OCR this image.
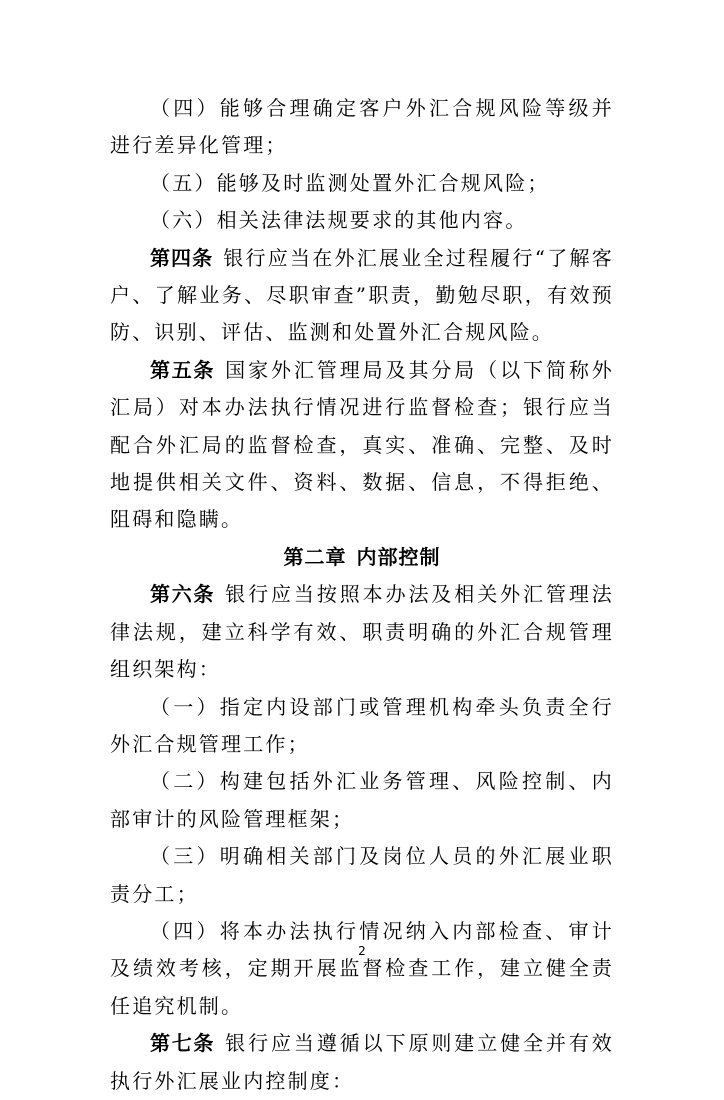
（四）能够合理确定客户外汇合规风险等级并进行差异化管理；

（五）能够及时监测处置外汇合规风险；

（六）相关法律法规要求的其他内容。

第四条 银行应当在外汇展业全过程履行“了解客户、了解业务、尽职审查”职责，勤勉尽职，有效预防、识别、评估、监测和处置外汇合规风险。

第五条 国家外汇管理局及其分局（以下简称外汇局）对本办法执行情况进行监督检查；银行应当配合外汇局的监督检查，真实、准确、完整、及时地提供相关文件、资料、数据、信息，不得拒绝、阻碍和隐瞒。

第二章 内部控制

第六条 银行应当按照本办法及相关外汇管理法律法规，建立科学有效、职责明确的外汇合规管理组织架构：

（一）指定内设部门或管理机构牵头负责全行外汇合规管理工作；

（二）构建包括外汇业务管理、风险控制、内部审计的风险管理框架；

（三）明确相关部门及岗位人员的外汇展业职责分工；

（四）将本办法执行情况纳入内部检查、审计及绩效考核，定期开展监督检查工作，建立健全责任追究机制。

第七条 银行应当遵循以下原则建立健全并有效执行外汇展业内控制度：

2
